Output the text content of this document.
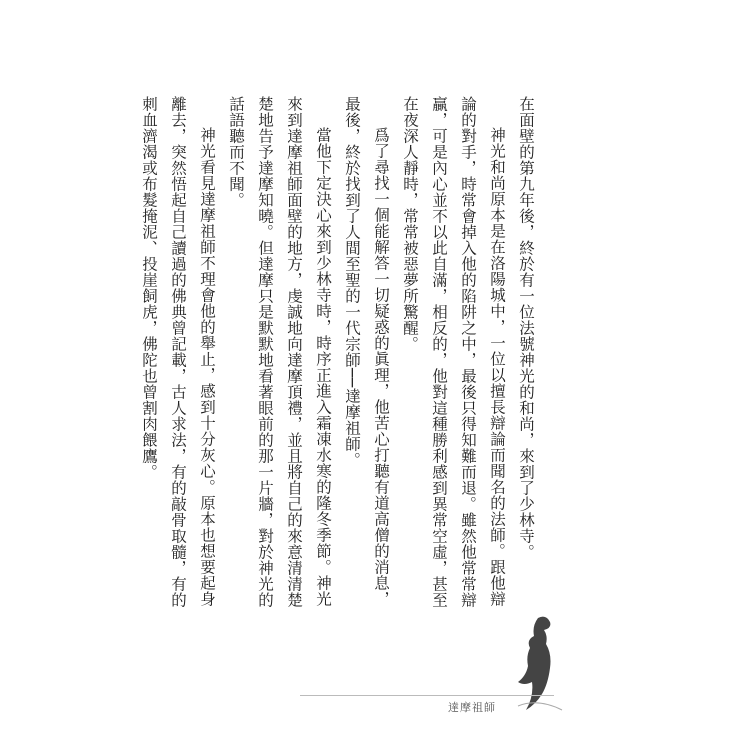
在面壁的第九年後，終於有一位法號神光的和尚，來到了少林寺。

神光和尚原本是在洛陽城中，一位以擅長辯論而聞名的法師。跟他辯論的對手，時常會掉入他的陷阱之中，最後只得知難而退。雖然他常常辯贏，可是內心並不以此自滿，相反的，他對這種勝利感到異常空虛，甚至在夜深人靜時，常常被惡夢所驚醒。

爲了尋找一個能解答一切疑惑的眞理，他苦心打聽有道高僧的消息，最後，終於找到了人間至聖的一代宗師──達摩祖師。

當他下定決心來到少林寺時，時序正進入霜凍水寒的隆冬季節。神光來到達摩祖師面壁的地方，虔誠地向達摩頂禮，並且將自己的來意清清楚楚地告予達摩知曉。但達摩只是默默地看著眼前的那一片牆，對於神光的話語聽而不聞。

神光看見達摩祖師不理會他的舉止，感到十分灰心。原本也想要起身離去，突然悟起自己讀過的佛典曾記載，古人求法，有的敲骨取髓，有的刺血濟渴或布髮掩泥、投崖飼虎，佛陀也曾割肉餵鷹。

達摩祖師
